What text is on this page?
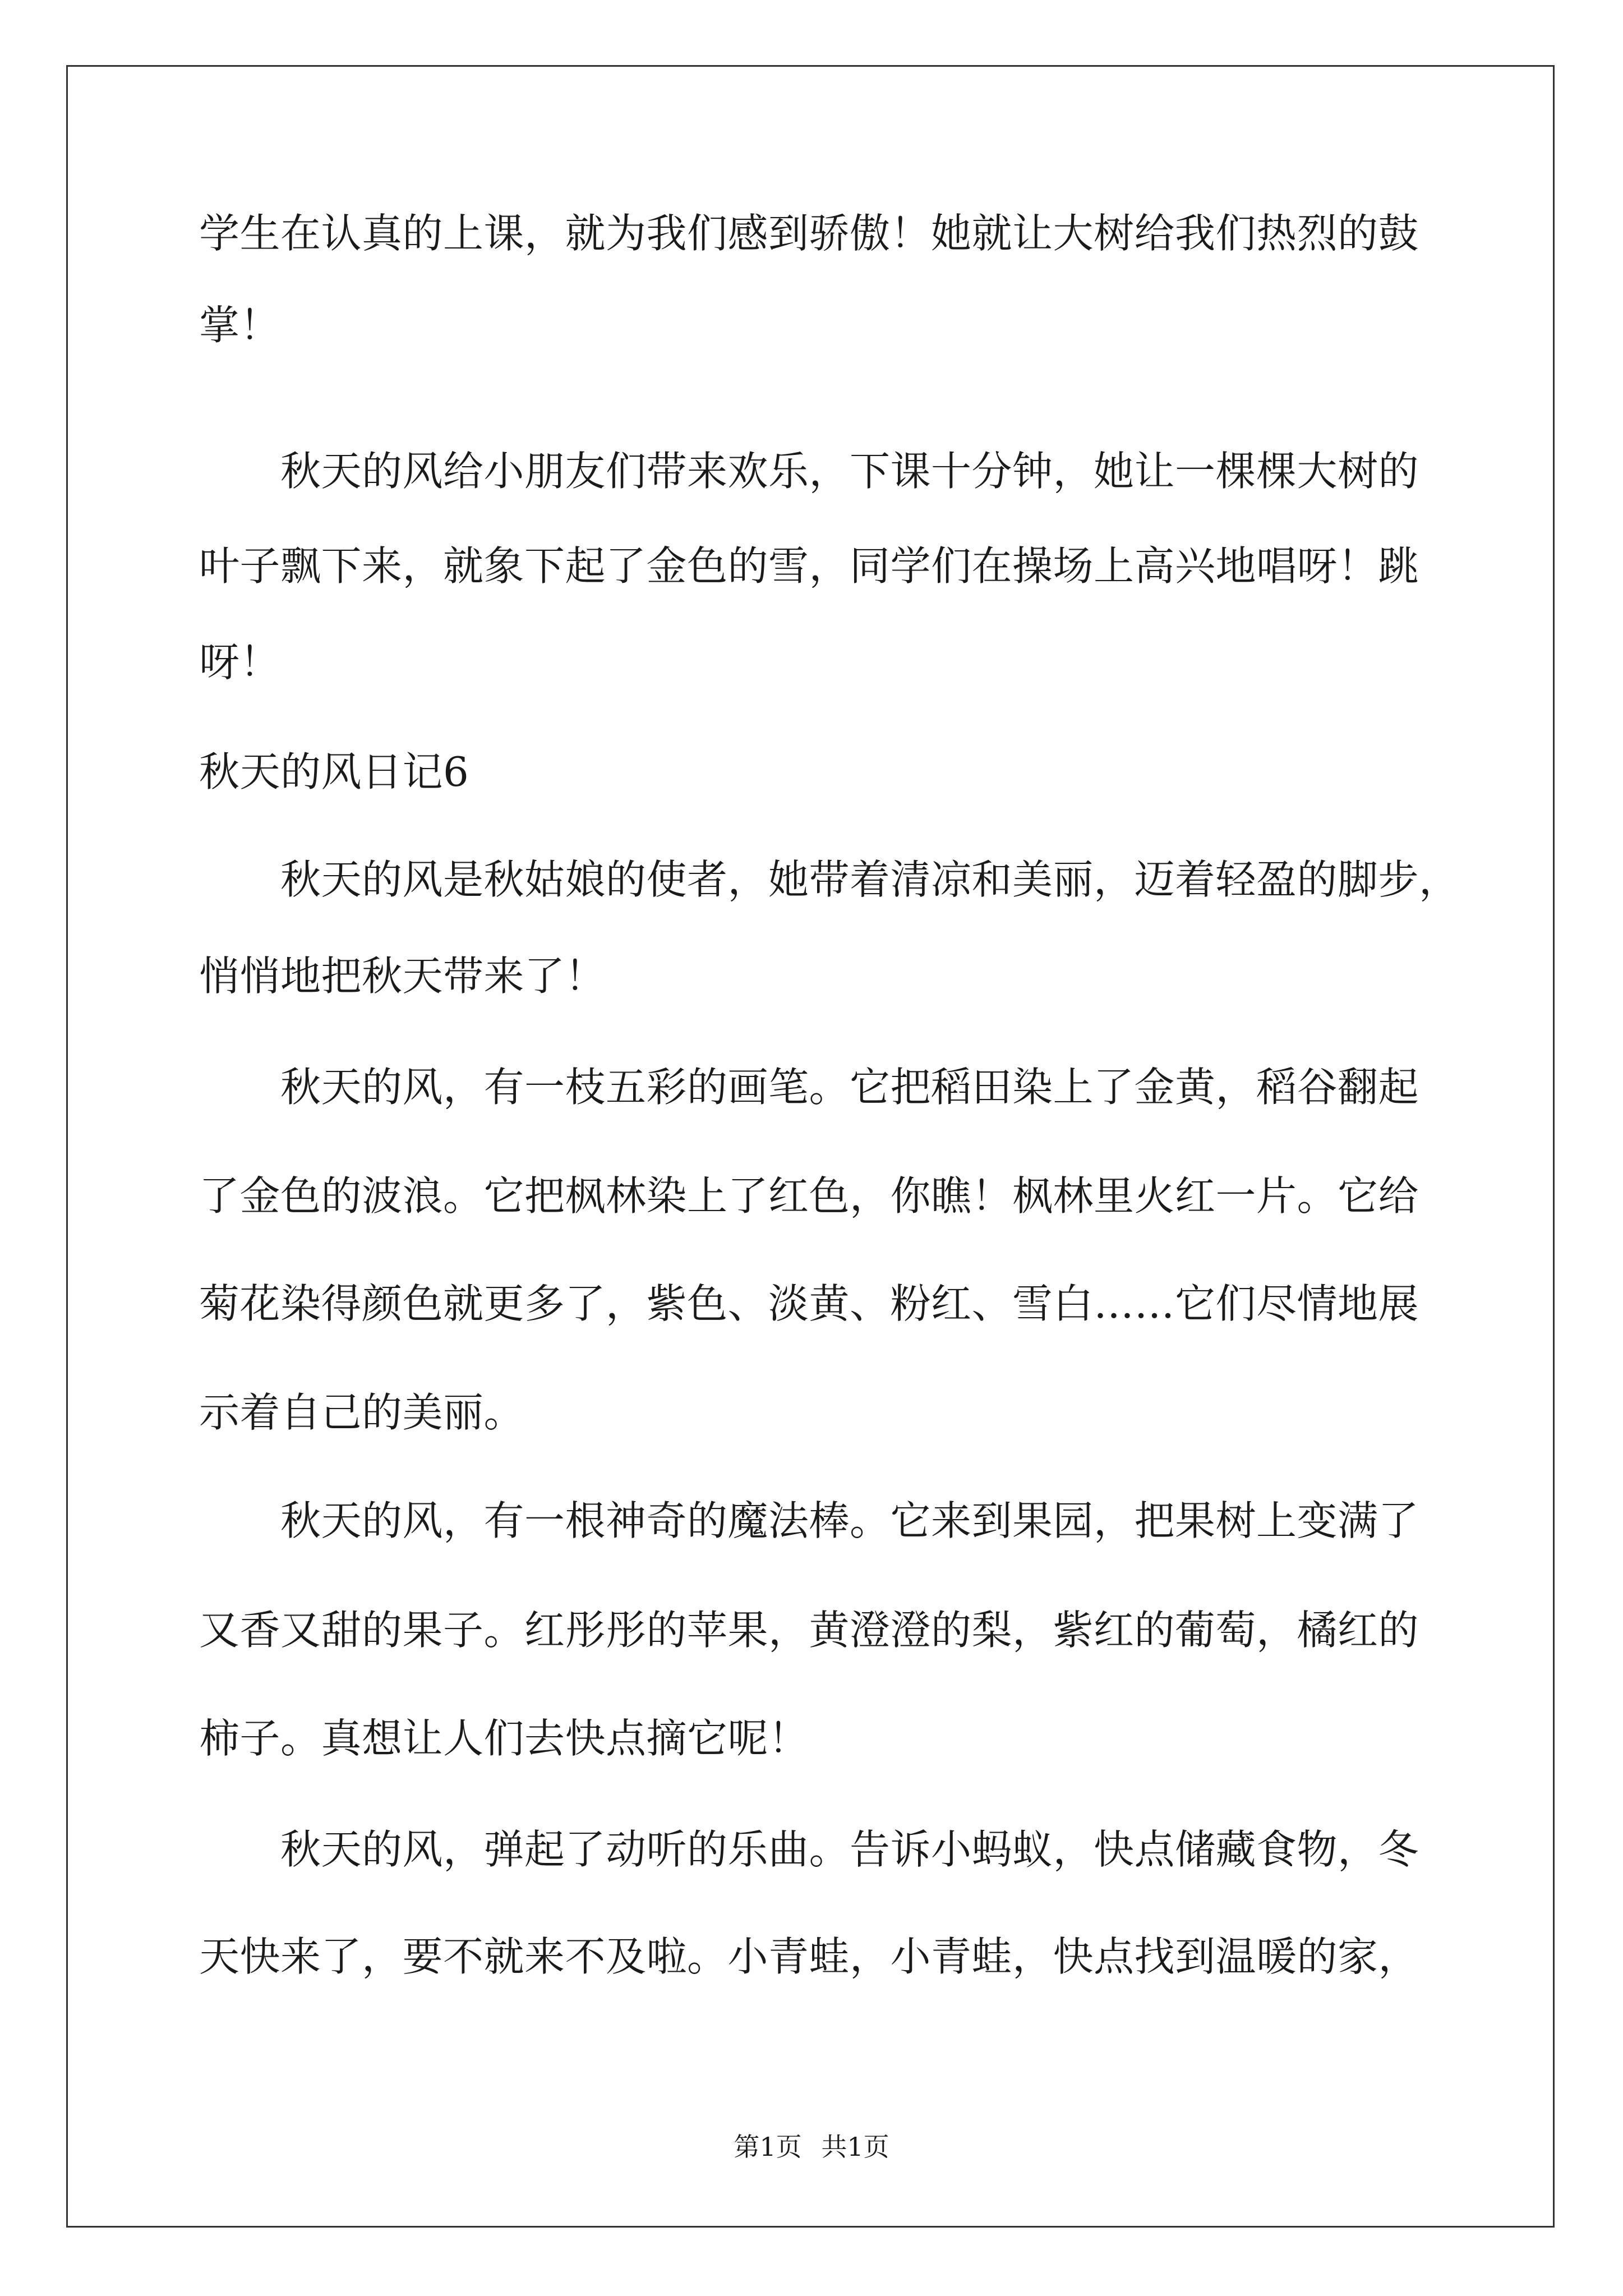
学生在认真的上课，就为我们感到骄傲！她就让大树给我们热烈的鼓
掌！
　　秋天的风给小朋友们带来欢乐，下课十分钟，她让一棵棵大树的
叶子飘下来，就象下起了金色的雪，同学们在操场上高兴地唱呀！跳
呀！
秋天的风日记6
　　秋天的风是秋姑娘的使者，她带着清凉和美丽，迈着轻盈的脚步，
悄悄地把秋天带来了！
　　秋天的风，有一枝五彩的画笔。它把稻田染上了金黄，稻谷翻起
了金色的波浪。它把枫林染上了红色，你瞧！枫林里火红一片。它给
菊花染得颜色就更多了，紫色、淡黄、粉红、雪白……它们尽情地展
示着自己的美丽。
　　秋天的风，有一根神奇的魔法棒。它来到果园，把果树上变满了
又香又甜的果子。红彤彤的苹果，黄澄澄的梨，紫红的葡萄，橘红的
柿子。真想让人们去快点摘它呢！
　　秋天的风，弹起了动听的乐曲。告诉小蚂蚁，快点储藏食物，冬
天快来了，要不就来不及啦。小青蛙，小青蛙，快点找到温暖的家，
第1页 共1页
